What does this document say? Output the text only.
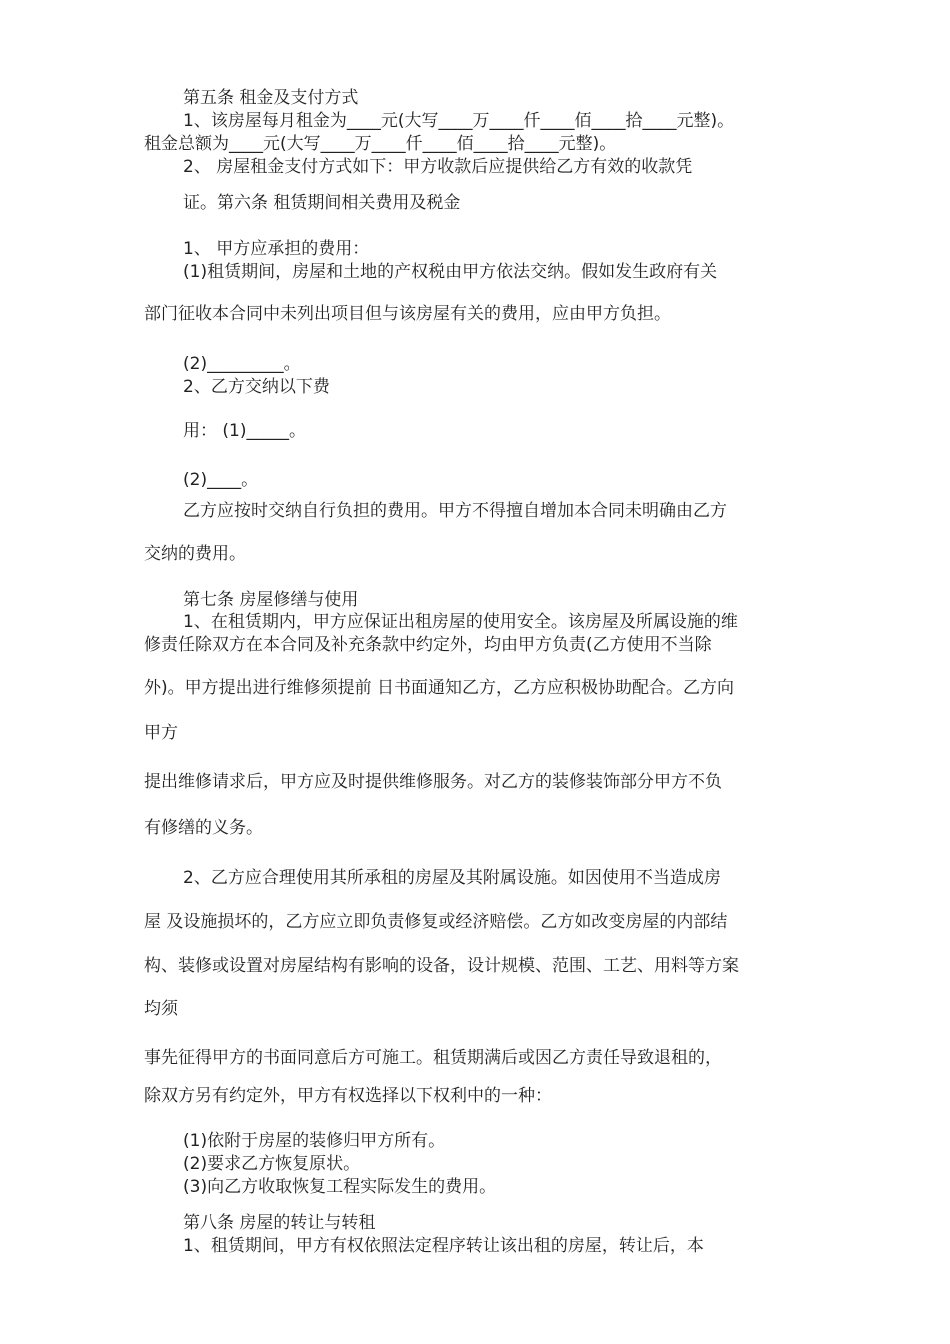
第五条 租金及支付方式
1、该房屋每月租金为____元(大写____万____仟____佰____拾____元整)。
租金总额为____元(大写____万____仟____佰____拾____元整)。
2、 房屋租金支付方式如下：甲方收款后应提供给乙方有效的收款凭
证。第六条 租赁期间相关费用及税金
1、 甲方应承担的费用：
(1)租赁期间，房屋和土地的产权税由甲方依法交纳。假如发生政府有关
部门征收本合同中未列出项目但与该房屋有关的费用，应由甲方负担。
(2)_________。
2、乙方交纳以下费
用： (1)_____。
(2)____。
乙方应按时交纳自行负担的费用。甲方不得擅自增加本合同未明确由乙方
交纳的费用。
第七条 房屋修缮与使用
1、在租赁期内，甲方应保证出租房屋的使用安全。该房屋及所属设施的维
修责任除双方在本合同及补充条款中约定外，均由甲方负责(乙方使用不当除
外)。甲方提出进行维修须提前 日书面通知乙方，乙方应积极协助配合。乙方向
甲方
提出维修请求后，甲方应及时提供维修服务。对乙方的装修装饰部分甲方不负
有修缮的义务。
2、乙方应合理使用其所承租的房屋及其附属设施。如因使用不当造成房
屋 及设施损坏的，乙方应立即负责修复或经济赔偿。乙方如改变房屋的内部结
构、装修或设置对房屋结构有影响的设备，设计规模、范围、工艺、用料等方案
均须
事先征得甲方的书面同意后方可施工。租赁期满后或因乙方责任导致退租的，
除双方另有约定外，甲方有权选择以下权利中的一种：
(1)依附于房屋的装修归甲方所有。
(2)要求乙方恢复原状。
(3)向乙方收取恢复工程实际发生的费用。
第八条 房屋的转让与转租
1、租赁期间，甲方有权依照法定程序转让该出租的房屋，转让后，本
